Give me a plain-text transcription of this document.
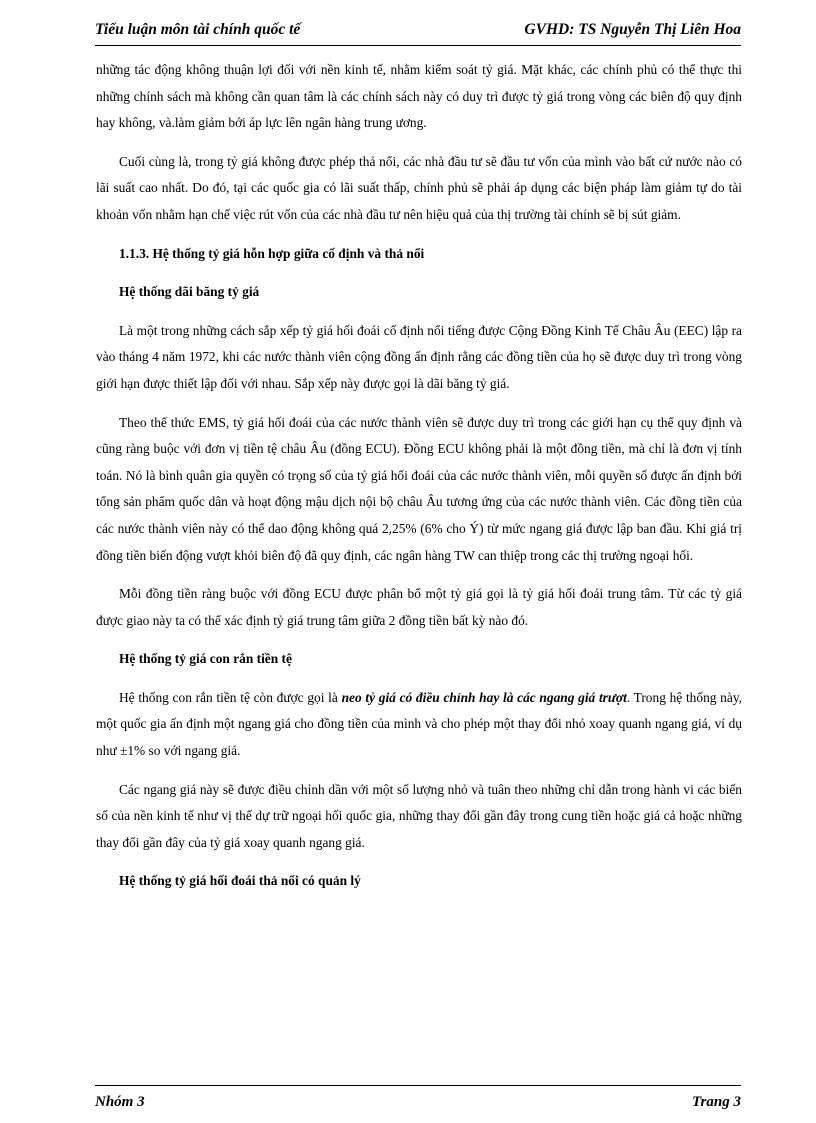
Tiểu luận môn tài chính quốc tế	GVHD: TS Nguyễn Thị Liên Hoa

những tác động không thuận lợi đối với nền kinh tế, nhằm kiểm soát tỷ giá. Mặt khác, các chính phủ có thể thực thi những chính sách mà không cần quan tâm là các chính sách này có duy trì được tỷ giá trong vòng các biên độ quy định hay không, và.làm giảm bới áp lực lên ngân hàng trung ương.

Cuối cùng là, trong tỷ giá không được phép thả nổi, các nhà đầu tư sẽ đầu tư vốn của mình vào bất cứ nước nào có lãi suất cao nhất. Do đó, tại các quốc gia có lãi suất thấp, chính phủ sẽ phải áp dụng các biện pháp làm giảm tự do tài khoản vốn nhằm hạn chế việc rút vốn của các nhà đầu tư nên hiệu quả của thị trường tài chính sẽ bị sút giảm.

1.1.3. Hệ thống tỷ giá hỗn hợp giữa cố định và thả nổi
Hệ thống dãi băng tỷ giá

Là một trong những cách sắp xếp tỷ giá hối đoái cố định nổi tiếng được Cộng Đồng Kinh Tế Châu Âu (EEC) lập ra vào tháng 4 năm 1972, khi các nước thành viên cộng đồng ấn định rằng các đồng tiền của họ sẽ được duy trì trong vòng giới hạn được thiết lập đối với nhau. Sắp xếp này được gọi là dãi băng tỷ giá.

Theo thể thức EMS, tỷ giá hối đoái của các nước thành viên sẽ được duy trì trong các giới hạn cụ thể quy định và cũng ràng buộc với đơn vị tiền tệ châu Âu (đồng ECU). Đồng ECU không phải là một đồng tiền, mà chỉ là đơn vị tính toán. Nó là bình quân gia quyền có trọng số của tỷ giá hối đoái của các nước thành viên, mỗi quyền số được ấn định bởi tổng sản phẩm quốc dân và hoạt động mậu dịch nội bộ châu Âu tương ứng của các nước thành viên. Các đồng tiền của các nước thành viên này có thể dao động không quá 2,25% (6% cho Ý) từ mức ngang giá được lập ban đầu. Khi giá trị đồng tiền biến động vượt khỏi biên độ đã quy định, các ngân hàng TW can thiệp trong các thị trường ngoại hối.

Mỗi đồng tiền ràng buộc với đồng ECU được phân bổ một tỷ giá gọi là tỷ giá hối đoái trung tâm. Từ các tỷ giá được giao này ta có thể xác định tỷ giá trung tâm giữa 2 đồng tiền bất kỳ nào đó.

Hệ thống tỷ giá con rắn tiền tệ

Hệ thống con rắn tiền tệ còn được gọi là neo tỷ giá có điều chỉnh hay là các ngang giá trượt. Trong hệ thống này, một quốc gia ấn định một ngang giá cho đồng tiền của mình và cho phép một thay đổi nhỏ xoay quanh ngang giá, ví dụ như ±1% so với ngang giá.

Các ngang giá này sẽ được điều chỉnh dần với một số lượng nhỏ và tuân theo những chỉ dẫn trong hành vi các biến số của nền kinh tế như vị thế dự trữ ngoại hối quốc gia, những thay đổi gần đây trong cung tiền hoặc giá cả hoặc những thay đổi gần đây của tỷ giá xoay quanh ngang giá.

Hệ thống tỷ giá hối đoái thả nổi có quản lý
Nhóm 3	Trang 3
